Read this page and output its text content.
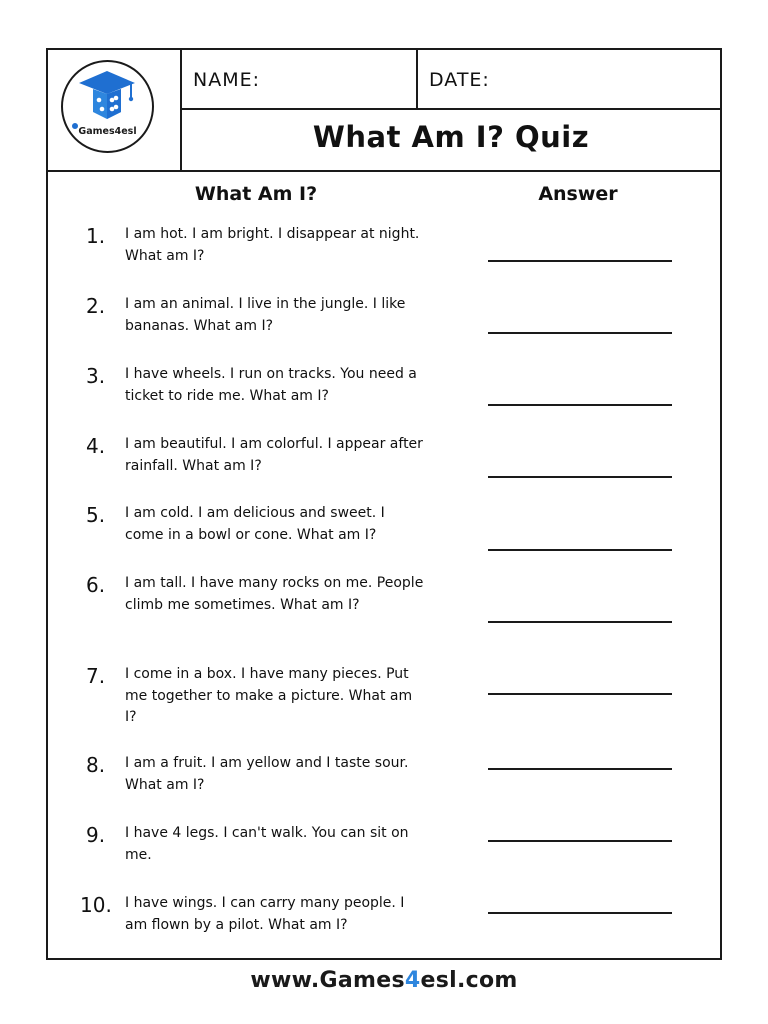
Games4esl
NAME:	DATE:
What Am I? Quiz
What Am I?	Answer
1. I am hot. I am bright. I disappear at night. What am I?
2. I am an animal. I live in the jungle. I like bananas. What am I?
3. I have wheels. I run on tracks. You need a ticket to ride me. What am I?
4. I am beautiful. I am colorful. I appear after rainfall. What am I?
5. I am cold. I am delicious and sweet. I come in a bowl or cone. What am I?
6. I am tall. I have many rocks on me. People climb me sometimes. What am I?
7. I come in a box. I have many pieces. Put me together to make a picture. What am I?
8. I am a fruit. I am yellow and I taste sour. What am I?
9. I have 4 legs. I can't walk. You can sit on me.
10. I have wings. I can carry many people. I am flown by a pilot. What am I?
www.Games4esl.com
